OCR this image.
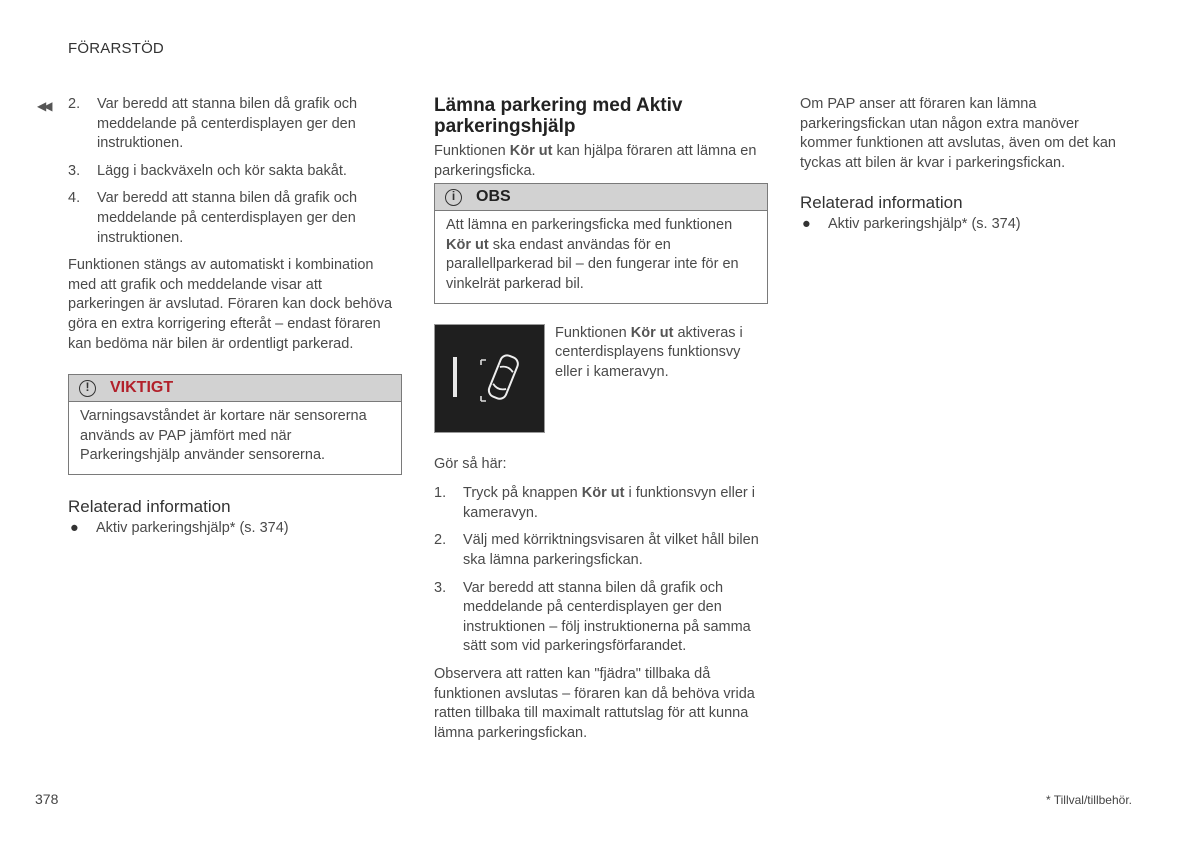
FÖRARSTÖD
◀◀ 2. Var beredd att stanna bilen då grafik och meddelande på centerdisplayen ger den instruktionen.
3. Lägg i backväxeln och kör sakta bakåt.
4. Var beredd att stanna bilen då grafik och meddelande på centerdisplayen ger den instruktionen.

Funktionen stängs av automatiskt i kombination med att grafik och meddelande visar att parkeringen är avslutad. Föraren kan dock behöva göra en extra korrigering efteråt – endast föraren kan bedöma när bilen är ordentligt parkerad.

!	VIKTIGT
Varningsavståndet är kortare när sensorerna används av PAP jämfört med när Parkeringshjälp använder sensorerna.
Relaterad information
● Aktiv parkeringshjälp* (s. 374)
Lämna parkering med Aktiv parkeringshjälp

Funktionen Kör ut kan hjälpa föraren att lämna en parkeringsficka.

i	OBS
Att lämna en parkeringsficka med funktionen Kör ut ska endast användas för en parallellparkerad bil – den fungerar inte för en vinkelrät parkerad bil.
Funktionen Kör ut aktiveras i centerdisplayens funktionsvy eller i kameravyn.

Gör så här:

1. Tryck på knappen Kör ut i funktionsvyn eller i kameravyn.
2. Välj med körriktningsvisaren åt vilket håll bilen ska lämna parkeringsfickan.
3. Var beredd att stanna bilen då grafik och meddelande på centerdisplayen ger den instruktionen – följ instruktionerna på samma sätt som vid parkeringsförfarandet.

Observera att ratten kan "fjädra" tillbaka då funktionen avslutas – föraren kan då behöva vrida ratten tillbaka till maximalt rattutslag för att kunna lämna parkeringsfickan.

Om PAP anser att föraren kan lämna parkeringsfickan utan någon extra manöver kommer funktionen att avslutas, även om det kan tyckas att bilen är kvar i parkeringsfickan.

Relaterad information
● Aktiv parkeringshjälp* (s. 374)
378	* Tillval/tillbehör.
